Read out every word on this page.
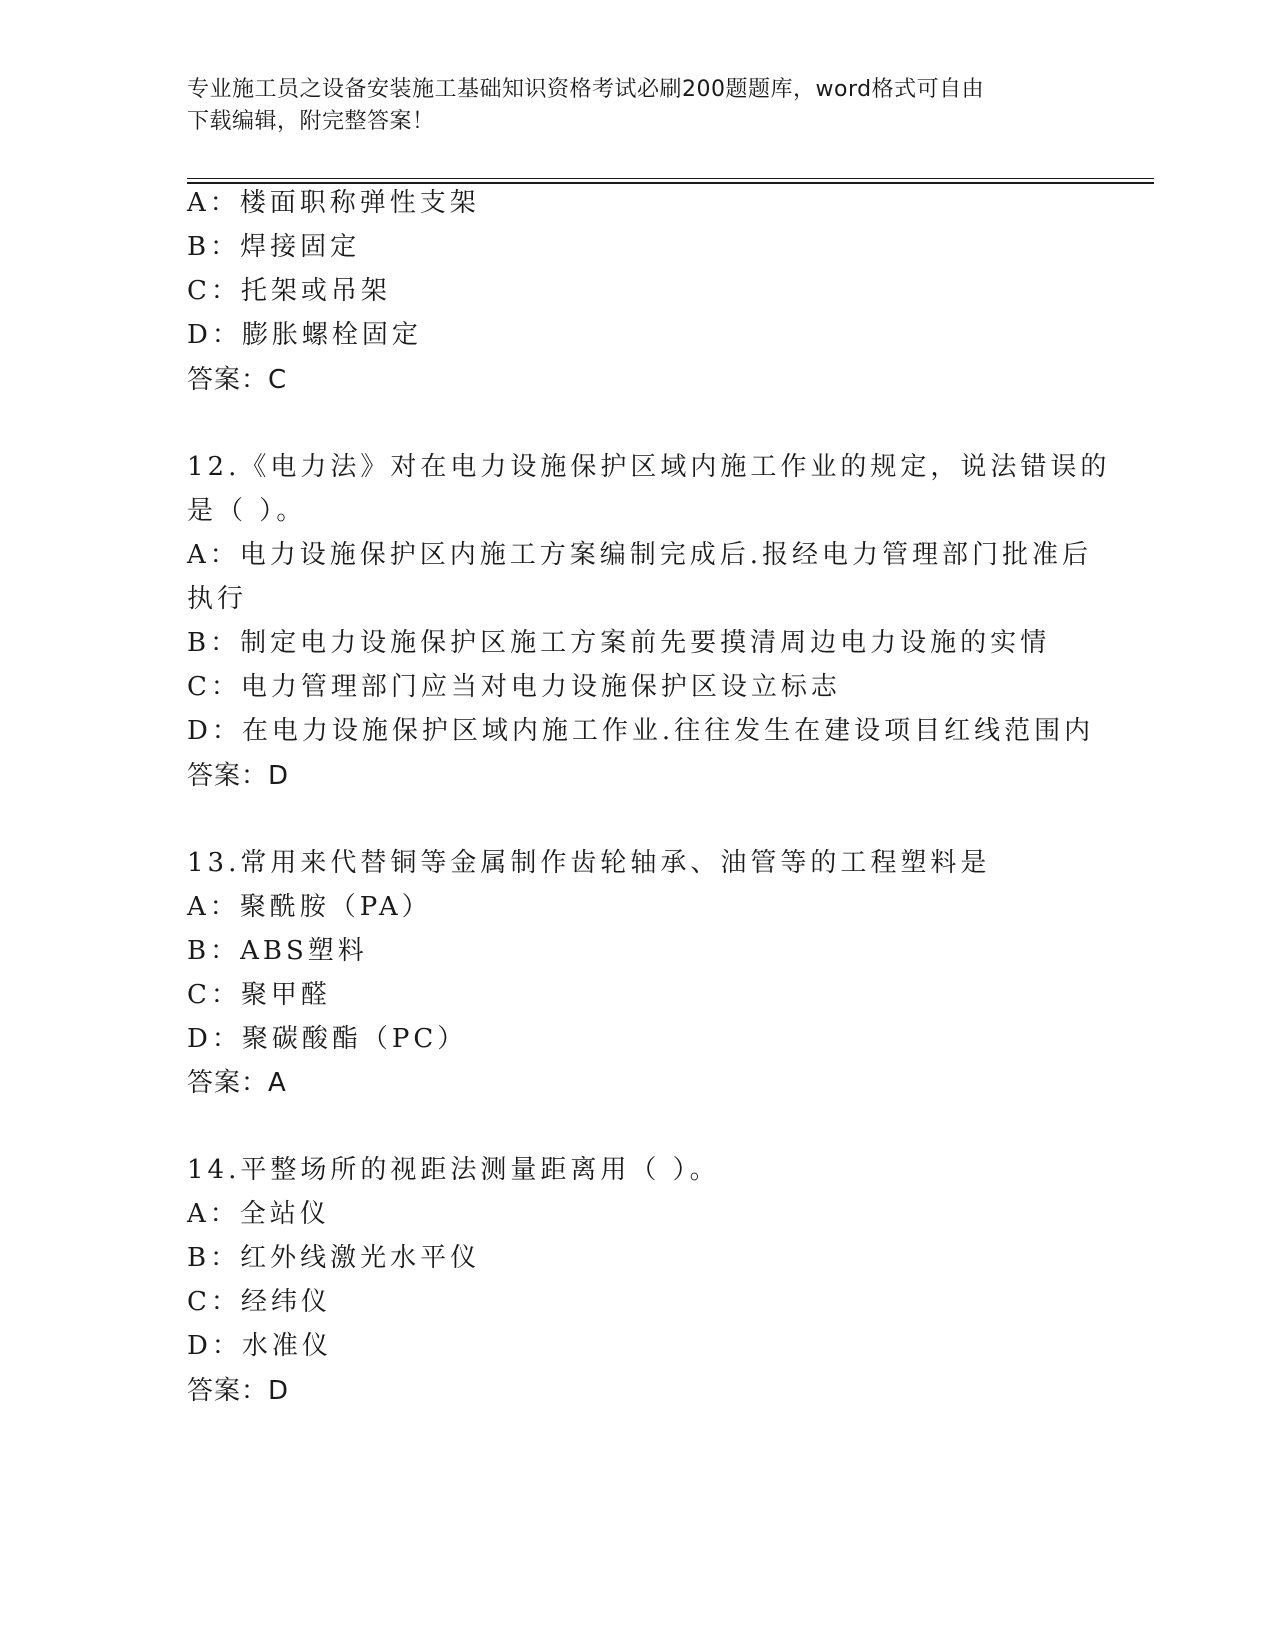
专业施工员之设备安装施工基础知识资格考试必刷200题题库，word格式可自由
下载编辑，附完整答案！
A：楼面职称弹性支架
B：焊接固定
C：托架或吊架
D：膨胀螺栓固定
答案：C
12.《电力法》对在电力设施保护区域内施工作业的规定，说法错误的
是（ ）。
A：电力设施保护区内施工方案编制完成后.报经电力管理部门批准后
执行
B：制定电力设施保护区施工方案前先要摸清周边电力设施的实情
C：电力管理部门应当对电力设施保护区设立标志
D：在电力设施保护区域内施工作业.往往发生在建设项目红线范围内
答案：D
13.常用来代替铜等金属制作齿轮轴承、油管等的工程塑料是
A：聚酰胺（PA）
B：ABS塑料
C：聚甲醛
D：聚碳酸酯（PC）
答案：A
14.平整场所的视距法测量距离用（ ）。
A：全站仪
B：红外线激光水平仪
C：经纬仪
D：水准仪
答案：D
